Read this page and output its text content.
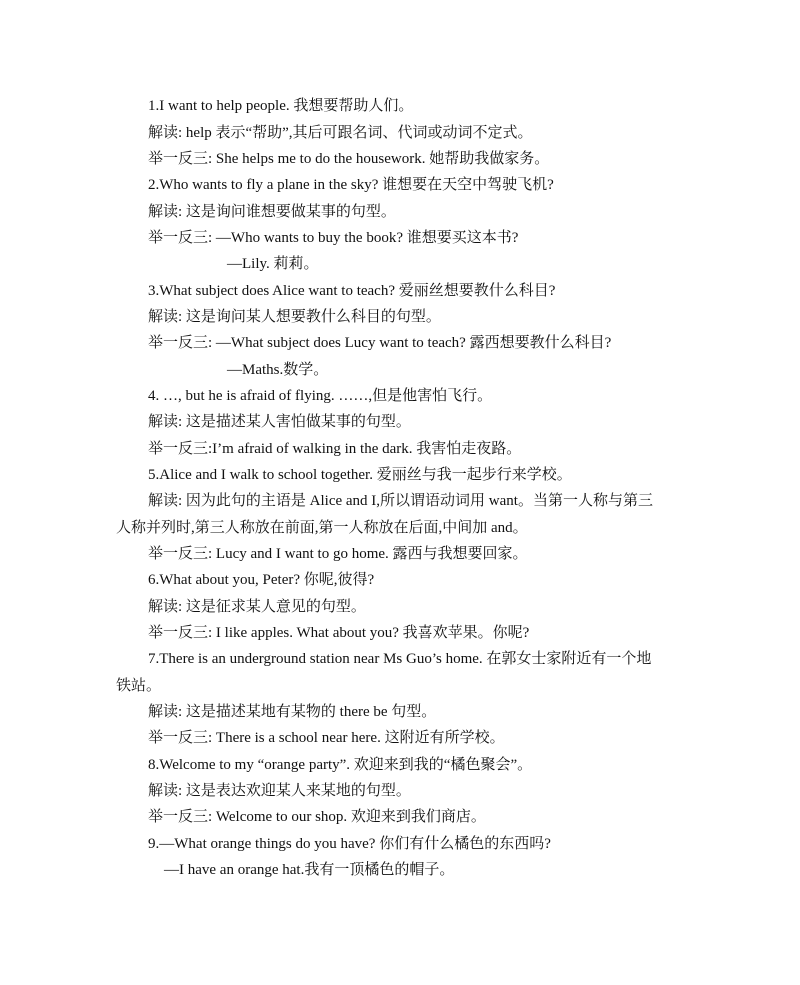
1.I want to help people. 我想要帮助人们。
解读: help 表示“帮助”,其后可跟名词、代词或动词不定式。
举一反三: She helps me to do the housework. 她帮助我做家务。
2.Who wants to fly a plane in the sky? 谁想要在天空中驾驶飞机?
解读: 这是询问谁想要做某事的句型。
举一反三: —Who wants to buy the book? 谁想要买这本书?
—Lily. 莉莉。
3.What subject does Alice want to teach? 爱丽丝想要教什么科目?
解读: 这是询问某人想要教什么科目的句型。
举一反三: —What subject does Lucy want to teach? 露西想要教什么科目?
—Maths.数学。
4. …, but he is afraid of flying. ……,但是他害怕飞行。
解读: 这是描述某人害怕做某事的句型。
举一反三:I’m afraid of walking in the dark. 我害怕走夜路。
5.Alice and I walk to school together. 爱丽丝与我一起步行来学校。
解读: 因为此句的主语是 Alice and I,所以谓语动词用 want。当第一人称与第三
人称并列时,第三人称放在前面,第一人称放在后面,中间加 and。
举一反三: Lucy and I want to go home. 露西与我想要回家。
6.What about you, Peter? 你呢,彼得?
解读: 这是征求某人意见的句型。
举一反三: I like apples. What about you? 我喜欢苹果。你呢?
7.There is an underground station near Ms Guo’s home. 在郭女士家附近有一个地
铁站。
解读: 这是描述某地有某物的 there be 句型。
举一反三: There is a school near here. 这附近有所学校。
8.Welcome to my “orange party”. 欢迎来到我的“橘色聚会”。
解读: 这是表达欢迎某人来某地的句型。
举一反三: Welcome to our shop. 欢迎来到我们商店。
9.—What orange things do you have? 你们有什么橘色的东西吗?
—I have an orange hat.我有一顶橘色的帽子。
